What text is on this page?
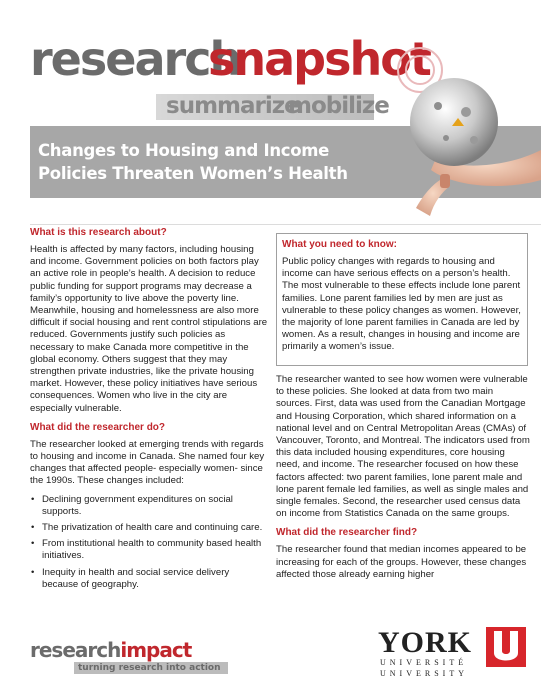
research
snapshot
summarize
mobilize
Changes to Housing and Income
Policies Threaten Women’s Health
What is this research about?
Health is affected by many factors, including housing and income. Government policies on both factors play an active role in people’s health. A decision to reduce public funding for support programs may decrease a family’s opportunity to live above the poverty line. Meanwhile, housing and homelessness are also more difficult if social housing and rent control stipulations are reduced. Governments justify such policies as necessary to make Canada more competitive in the global economy. Others suggest that they may strengthen private industries, like the private housing market. However, these policy initiatives have serious consequences. Women who live in the city are especially vulnerable.
What did the researcher do?
The researcher looked at emerging trends with regards to housing and income in Canada. She named four key changes that affected people- especially women- since the 1990s. These changes included:
• Declining government expenditures on social supports.
• The privatization of health care and continuing care.
• From institutional health to community based health initiatives.
• Inequity in health and social service delivery because of geography.
What you need to know:
Public policy changes with regards to housing and income can have serious effects on a person’s health. The most vulnerable to these effects include lone parent families. Lone parent families led by men are just as vulnerable to these policy changes as women. However, the majority of lone parent families in Canada are led by women. As a result, changes in housing and income are primarily a women’s issue.
The researcher wanted to see how women were vulnerable to these policies. She looked at data from two main sources. First, data was used from the Canadian Mortgage and Housing Corporation, which shared information on a national level and on Central Metropolitan Areas (CMAs) of Vancouver, Toronto, and Montreal. The indicators used from this data included housing expenditures, core housing need, and income. The researcher focused on how these factors affected: two parent families, lone parent male and lone parent female led families, as well as single males and single females. Second, the researcher used census data on income from Statistics Canada on the same groups.
What did the researcher find?
The researcher found that median incomes appeared to be increasing for each of the groups. However, these changes affected those already earning higher
researchimpact
turning research into action
YORK
UNIVERSITÉ
UNIVERSITY
